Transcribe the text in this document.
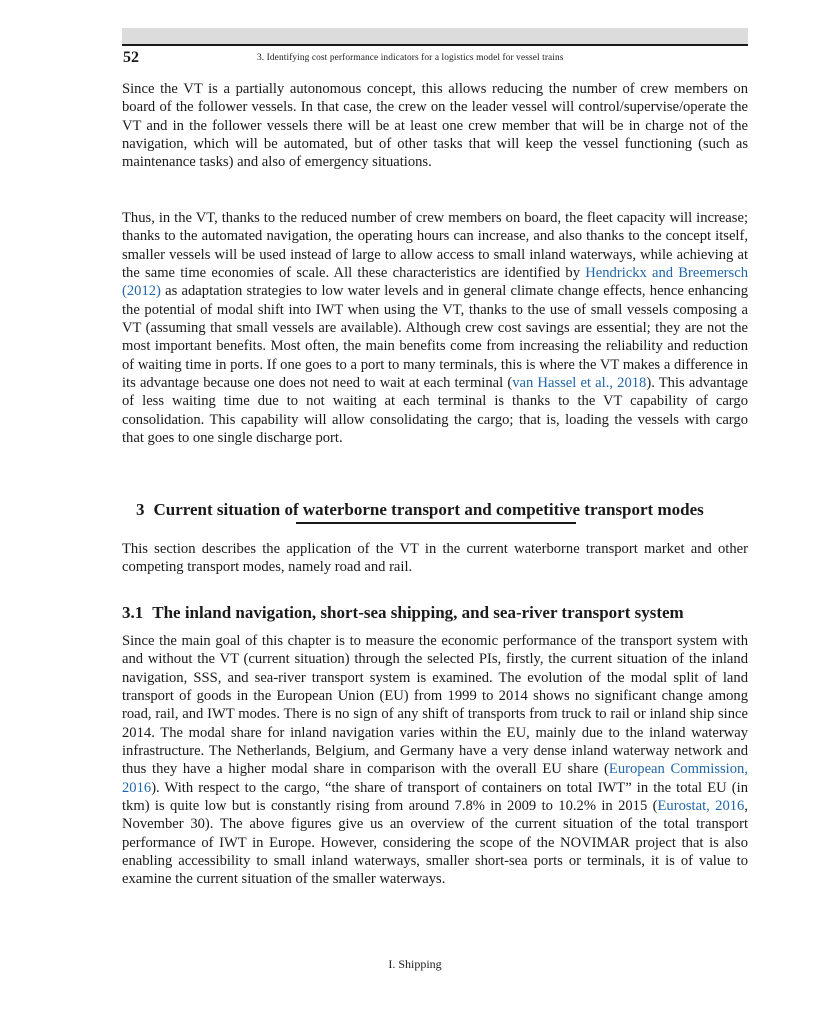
52	3. Identifying cost performance indicators for a logistics model for vessel trains

Since the VT is a partially autonomous concept, this allows reducing the number of crew members on board of the follower vessels. In that case, the crew on the leader vessel will control/supervise/operate the VT and in the follower vessels there will be at least one crew member that will be in charge not of the navigation, which will be automated, but of other tasks that will keep the vessel functioning (such as maintenance tasks) and also of emergency situations.

Thus, in the VT, thanks to the reduced number of crew members on board, the fleet capacity will increase; thanks to the automated navigation, the operating hours can increase, and also thanks to the concept itself, smaller vessels will be used instead of large to allow access to small inland waterways, while achieving at the same time economies of scale. All these characteristics are identified by Hendrickx and Breemersch (2012) as adaptation strategies to low water levels and in general climate change effects, hence enhancing the potential of modal shift into IWT when using the VT, thanks to the use of small vessels composing a VT (assuming that small vessels are available). Although crew cost savings are essential; they are not the most important benefits. Most often, the main benefits come from increasing the reliability and reduction of waiting time in ports. If one goes to a port to many terminals, this is where the VT makes a difference in its advantage because one does not need to wait at each terminal (van Hassel et al., 2018). This advantage of less waiting time due to not waiting at each terminal is thanks to the VT capability of cargo consolidation. This capability will allow consolidating the cargo; that is, loading the vessels with cargo that goes to one single discharge port.

3 Current situation of waterborne transport and competitive transport modes

This section describes the application of the VT in the current waterborne transport market and other competing transport modes, namely road and rail.

3.1 The inland navigation, short-sea shipping, and sea-river transport system

Since the main goal of this chapter is to measure the economic performance of the transport system with and without the VT (current situation) through the selected PIs, firstly, the current situation of the inland navigation, SSS, and sea-river transport system is examined. The evolution of the modal split of land transport of goods in the European Union (EU) from 1999 to 2014 shows no significant change among road, rail, and IWT modes. There is no sign of any shift of transports from truck to rail or inland ship since 2014. The modal share for inland navigation varies within the EU, mainly due to the inland waterway infrastructure. The Netherlands, Belgium, and Germany have a very dense inland waterway network and thus they have a higher modal share in comparison with the overall EU share (European Commission, 2016). With respect to the cargo, “the share of transport of containers on total IWT” in the total EU (in tkm) is quite low but is constantly rising from around 7.8% in 2009 to 10.2% in 2015 (Eurostat, 2016, November 30). The above figures give us an overview of the current situation of the total transport performance of IWT in Europe. However, considering the scope of the NOVIMAR project that is also enabling accessibility to small inland waterways, smaller short-sea ports or terminals, it is of value to examine the current situation of the smaller waterways.

I. Shipping
